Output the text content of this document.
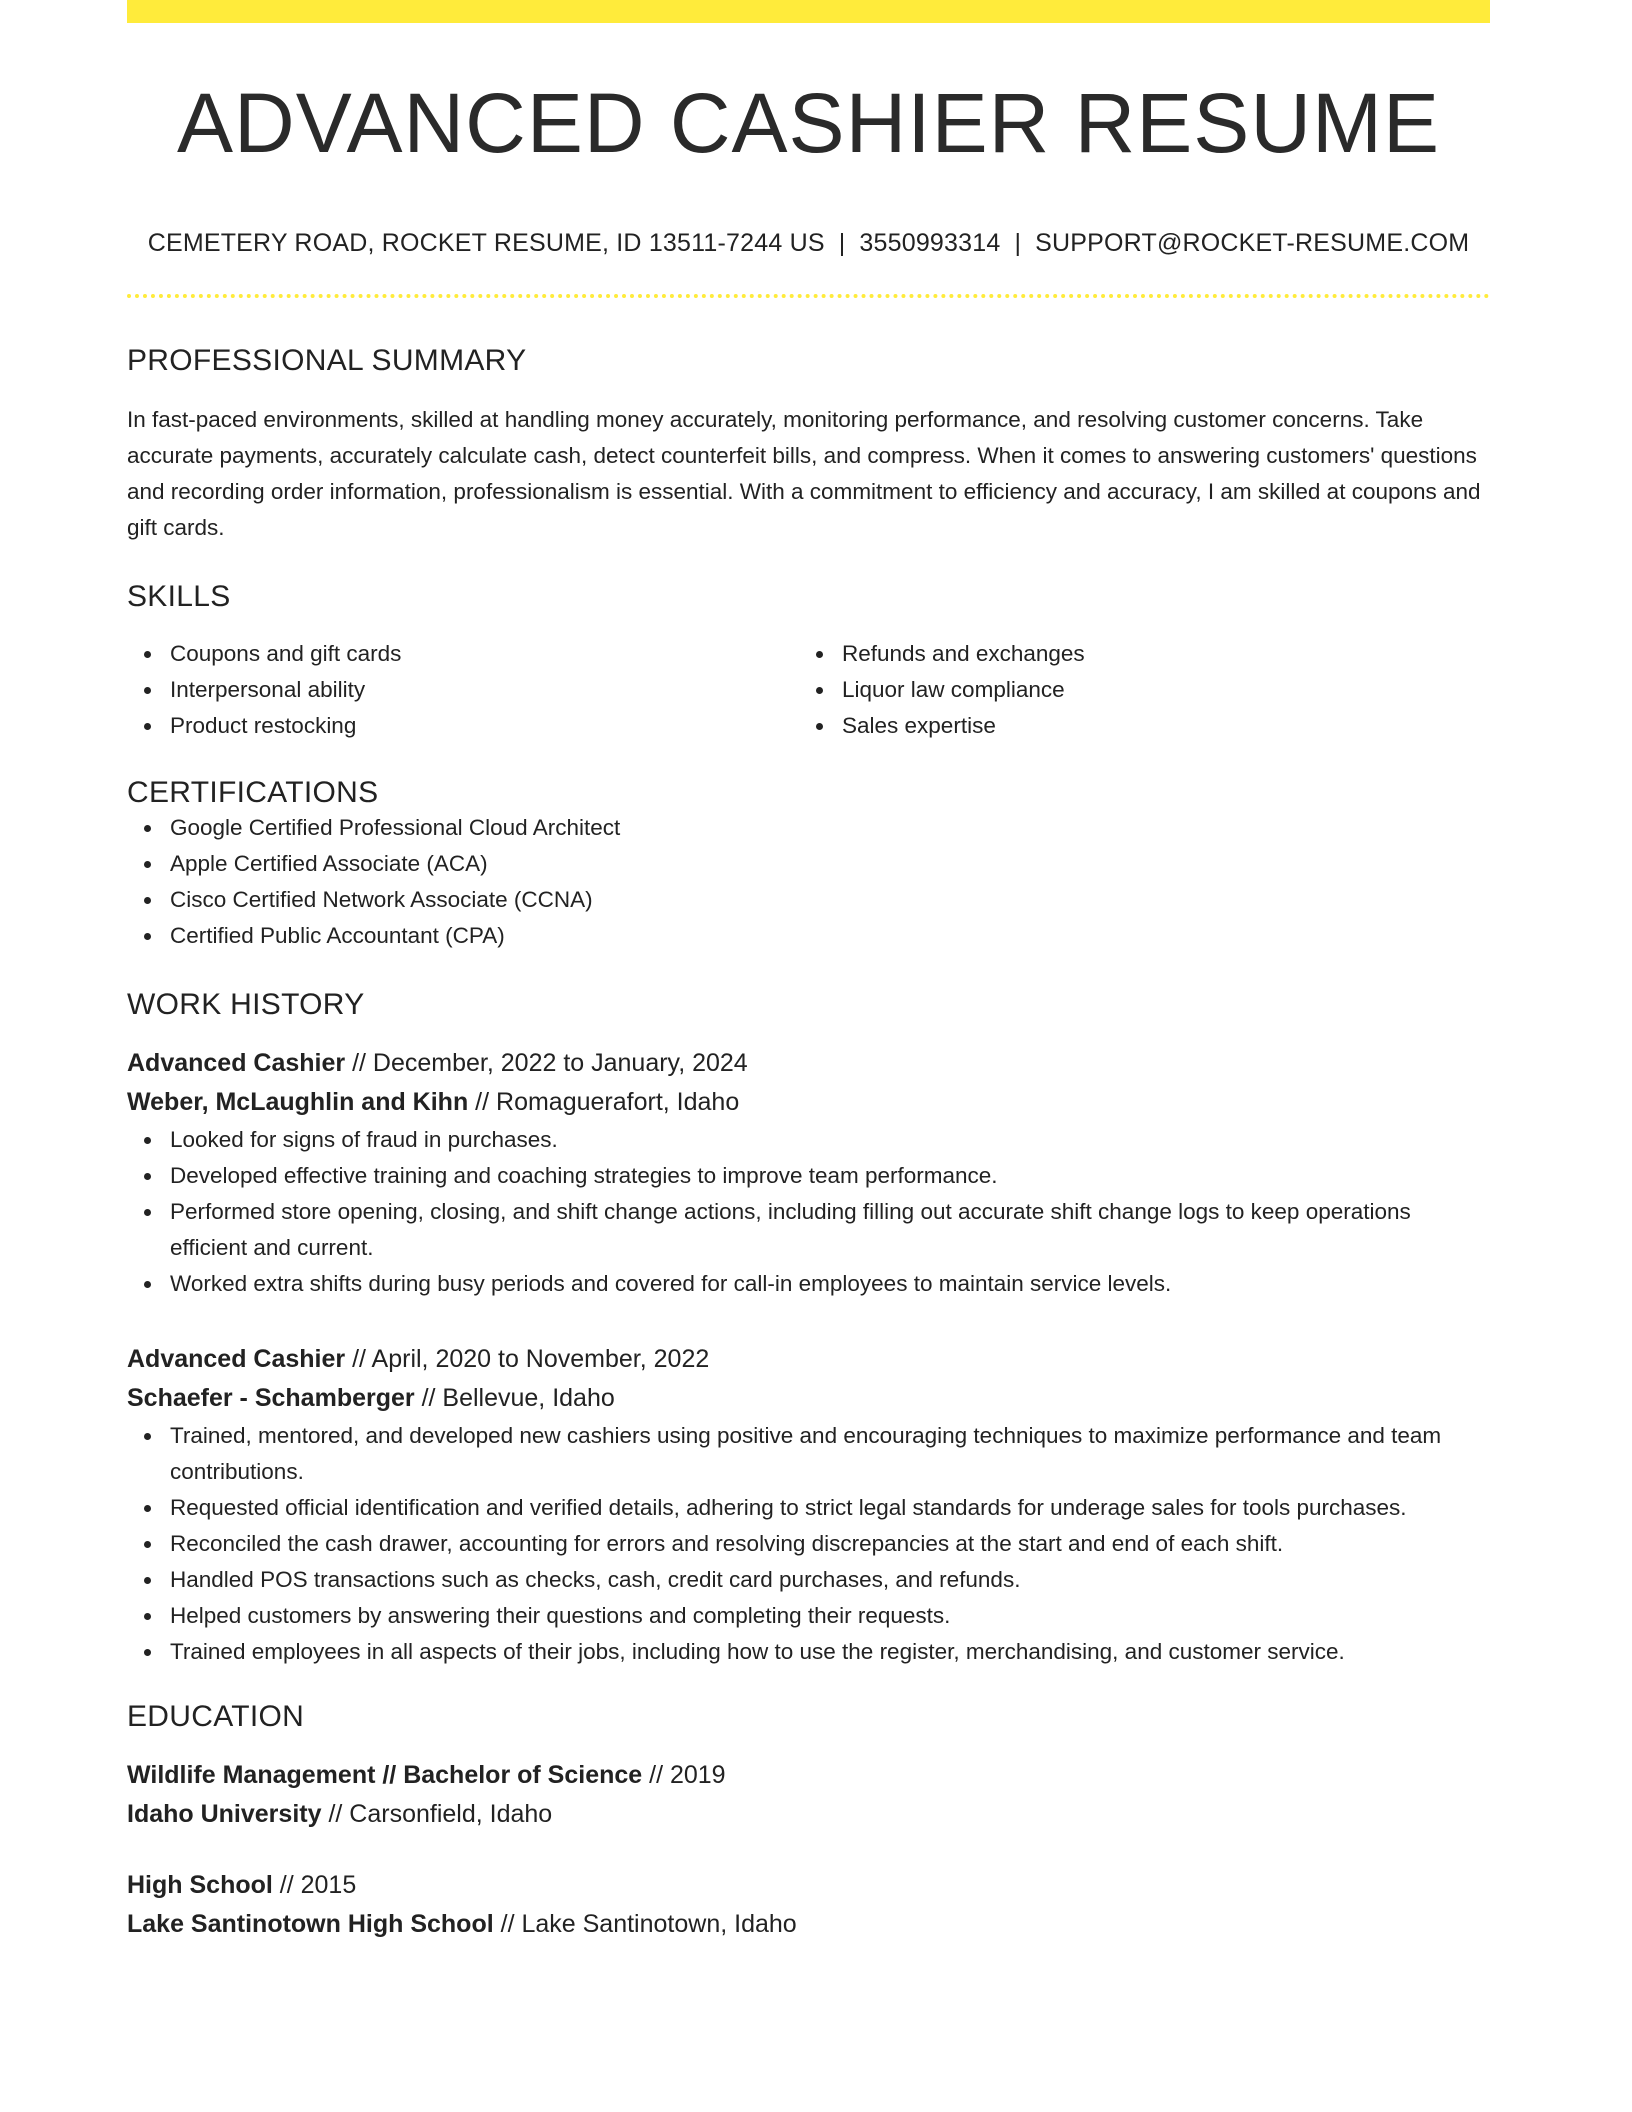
ADVANCED CASHIER RESUME
CEMETERY ROAD, ROCKET RESUME, ID 13511-7244 US | 3550993314 | SUPPORT@ROCKET-RESUME.COM
PROFESSIONAL SUMMARY
In fast-paced environments, skilled at handling money accurately, monitoring performance, and resolving customer concerns. Take accurate payments, accurately calculate cash, detect counterfeit bills, and compress. When it comes to answering customers' questions and recording order information, professionalism is essential. With a commitment to efficiency and accuracy, I am skilled at coupons and gift cards.
SKILLS
Coupons and gift cards
Interpersonal ability
Product restocking
Refunds and exchanges
Liquor law compliance
Sales expertise
CERTIFICATIONS
Google Certified Professional Cloud Architect
Apple Certified Associate (ACA)
Cisco Certified Network Associate (CCNA)
Certified Public Accountant (CPA)
WORK HISTORY
Advanced Cashier // December, 2022 to January, 2024
Weber, McLaughlin and Kihn // Romaguerafort, Idaho
Looked for signs of fraud in purchases.
Developed effective training and coaching strategies to improve team performance.
Performed store opening, closing, and shift change actions, including filling out accurate shift change logs to keep operations efficient and current.
Worked extra shifts during busy periods and covered for call-in employees to maintain service levels.
Advanced Cashier // April, 2020 to November, 2022
Schaefer - Schamberger // Bellevue, Idaho
Trained, mentored, and developed new cashiers using positive and encouraging techniques to maximize performance and team contributions.
Requested official identification and verified details, adhering to strict legal standards for underage sales for tools purchases.
Reconciled the cash drawer, accounting for errors and resolving discrepancies at the start and end of each shift.
Handled POS transactions such as checks, cash, credit card purchases, and refunds.
Helped customers by answering their questions and completing their requests.
Trained employees in all aspects of their jobs, including how to use the register, merchandising, and customer service.
EDUCATION
Wildlife Management // Bachelor of Science // 2019
Idaho University // Carsonfield, Idaho
High School // 2015
Lake Santinotown High School // Lake Santinotown, Idaho
